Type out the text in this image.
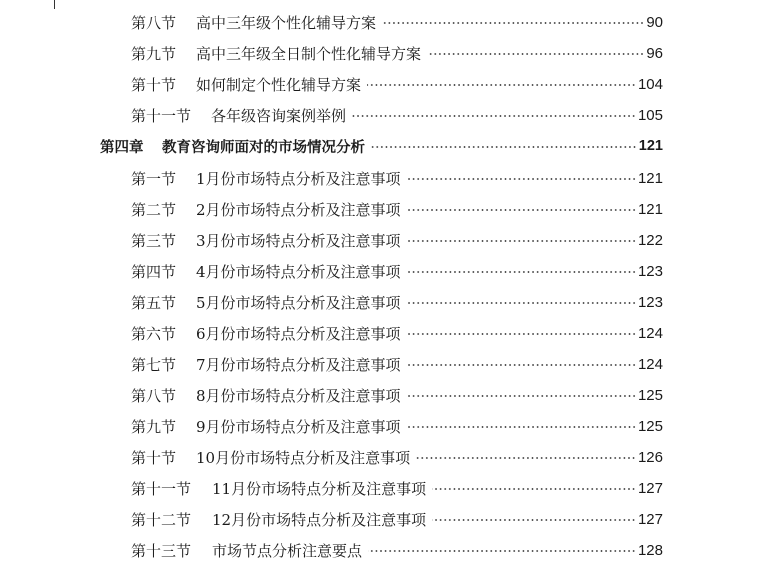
第八节	高中三年级个性化辅导方案	90
第九节	高中三年级全日制个性化辅导方案	96
第十节	如何制定个性化辅导方案	104
第十一节	各年级咨询案例举例	105
第四章	教育咨询师面对的市场情况分析	121
第一节	1月份市场特点分析及注意事项	121
第二节	2月份市场特点分析及注意事项	121
第三节	3月份市场特点分析及注意事项	122
第四节	4月份市场特点分析及注意事项	123
第五节	5月份市场特点分析及注意事项	123
第六节	6月份市场特点分析及注意事项	124
第七节	7月份市场特点分析及注意事项	124
第八节	8月份市场特点分析及注意事项	125
第九节	9月份市场特点分析及注意事项	125
第十节	10月份市场特点分析及注意事项	126
第十一节	11月份市场特点分析及注意事项	127
第十二节	12月份市场特点分析及注意事项	127
第十三节	市场节点分析注意要点	128
